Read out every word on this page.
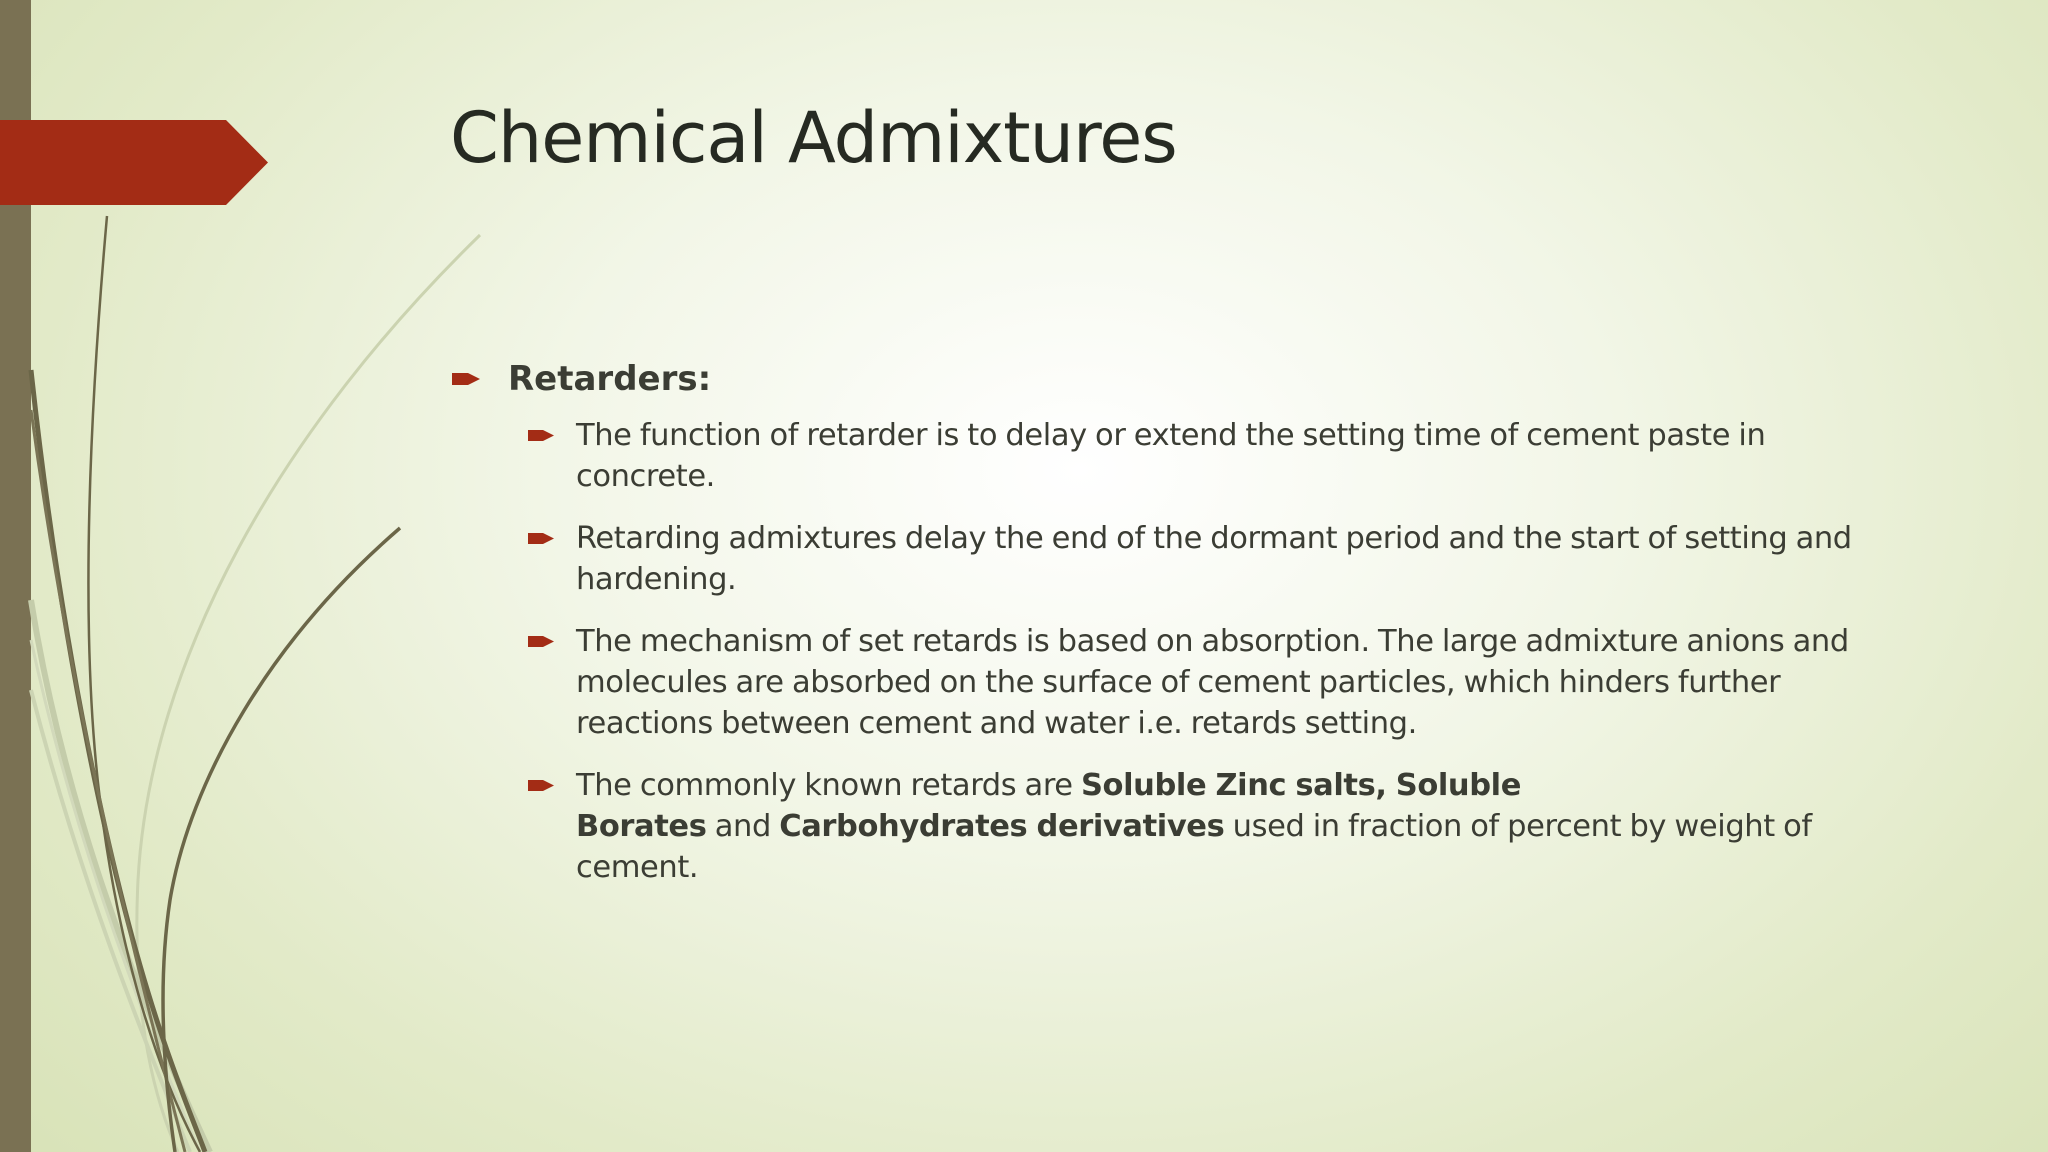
Chemical Admixtures
Retarders:
The function of retarder is to delay or extend the setting time of cement paste in
concrete.
Retarding admixtures delay the end of the dormant period and the start of setting and
hardening.
The mechanism of set retards is based on absorption. The large admixture anions and
molecules are absorbed on the surface of cement particles, which hinders further
reactions between cement and water i.e. retards setting.
The commonly known retards are Soluble Zinc salts, Soluble
Borates and Carbohydrates derivatives used in fraction of percent by weight of
cement.
